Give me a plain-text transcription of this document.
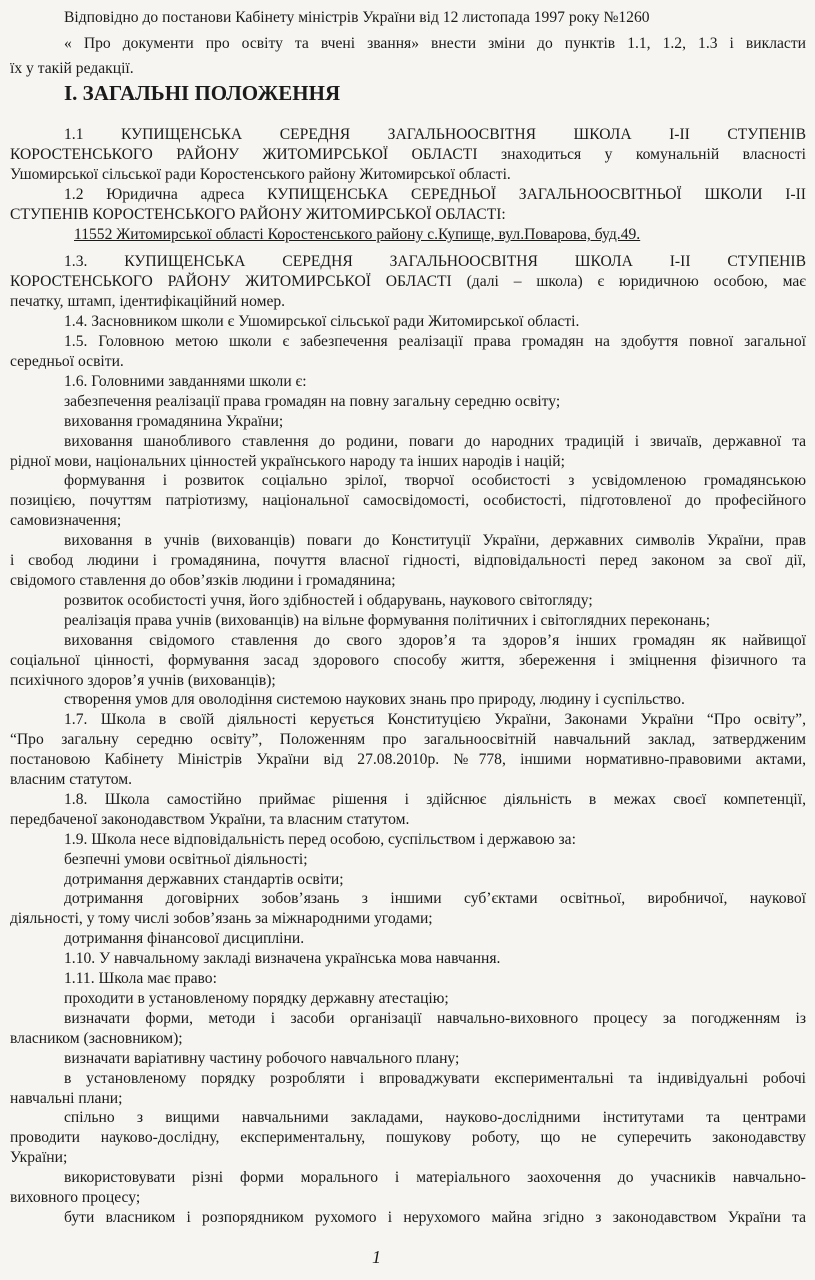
Відповідно до постанови Кабінету міністрів України від 12 листопада 1997 року №1260
« Про документи про освіту та вчені звання» внести зміни до пунктів 1.1, 1.2, 1.3 і викласти
їх у такій редакції.
І. ЗАГАЛЬНІ ПОЛОЖЕННЯ
1.1 КУПИЩЕНСЬКА СЕРЕДНЯ ЗАГАЛЬНООСВІТНЯ ШКОЛА І-ІІ СТУПЕНІВ
КОРОСТЕНСЬКОГО РАЙОНУ ЖИТОМИРСЬКОЇ ОБЛАСТІ знаходиться у комунальній власності
Ушомирської сільської ради Коростенського району Житомирської області.
1.2 Юридична адреса КУПИЩЕНСЬКА СЕРЕДНЬОЇ ЗАГАЛЬНООСВІТНЬОЇ ШКОЛИ І-ІІ
СТУПЕНІВ КОРОСТЕНСЬКОГО РАЙОНУ ЖИТОМИРСЬКОЇ ОБЛАСТІ:
11552 Житомирської області Коростенського району с.Купище, вул.Поварова, буд.49.
1.3. КУПИЩЕНСЬКА СЕРЕДНЯ ЗАГАЛЬНООСВІТНЯ ШКОЛА І-ІІ СТУПЕНІВ
КОРОСТЕНСЬКОГО РАЙОНУ ЖИТОМИРСЬКОЇ ОБЛАСТІ (далі – школа) є юридичною особою, має
печатку, штамп, ідентифікаційний номер.
1.4. Засновником школи є Ушомирської сільської ради Житомирської області.
1.5. Головною метою школи є забезпечення реалізації права громадян на здобуття повної загальної
середньої освіти.
1.6. Головними завданнями школи є:
забезпечення реалізації права громадян на повну загальну середню освіту;
виховання громадянина України;
виховання шанобливого ставлення до родини, поваги до народних традицій і звичаїв, державної та
рідної мови, національних цінностей українського народу та інших народів і націй;
формування і розвиток соціально зрілої, творчої особистості з усвідомленою громадянською
позицією, почуттям патріотизму, національної самосвідомості, особистості, підготовленої до професійного
самовизначення;
виховання в учнів (вихованців) поваги до Конституції України, державних символів України, прав
і свобод людини і громадянина, почуття власної гідності, відповідальності перед законом за свої дії,
свідомого ставлення до обов’язків людини і громадянина;
розвиток особистості учня, його здібностей і обдарувань, наукового світогляду;
реалізація права учнів (вихованців) на вільне формування політичних і світоглядних переконань;
виховання свідомого ставлення до свого здоров’я та здоров’я інших громадян як найвищої
соціальної цінності, формування засад здорового способу життя, збереження і зміцнення фізичного та
психічного здоров’я учнів (вихованців);
створення умов для оволодіння системою наукових знань про природу, людину і суспільство.
1.7. Школа в своїй діяльності керується Конституцією України, Законами України “Про освіту”,
“Про загальну середню освіту”, Положенням про загальноосвітній навчальний заклад, затвердженим
постановою Кабінету Міністрів України від 27.08.2010р. №778, іншими нормативно-правовими актами,
власним статутом.
1.8. Школа самостійно приймає рішення і здійснює діяльність в межах своєї компетенції,
передбаченої законодавством України, та власним статутом.
1.9. Школа несе відповідальність перед особою, суспільством і державою за:
безпечні умови освітньої діяльності;
дотримання державних стандартів освіти;
дотримання договірних зобов’язань з іншими суб’єктами освітньої, виробничої, наукової
діяльності, у тому числі зобов’язань за міжнародними угодами;
дотримання фінансової дисципліни.
1.10. У навчальному закладі визначена українська мова навчання.
1.11. Школа має право:
проходити в установленому порядку державну атестацію;
визначати форми, методи і засоби організації навчально-виховного процесу за погодженням із
власником (засновником);
визначати варіативну частину робочого навчального плану;
в установленому порядку розробляти і впроваджувати експериментальні та індивідуальні робочі
навчальні плани;
спільно з вищими навчальними закладами, науково-дослідними інститутами та центрами
проводити науково-дослідну, експериментальну, пошукову роботу, що не суперечить законодавству
України;
використовувати різні форми морального і матеріального заохочення до учасників навчально-
виховного процесу;
бути власником і розпорядником рухомого і нерухомого майна згідно з законодавством України та
1
